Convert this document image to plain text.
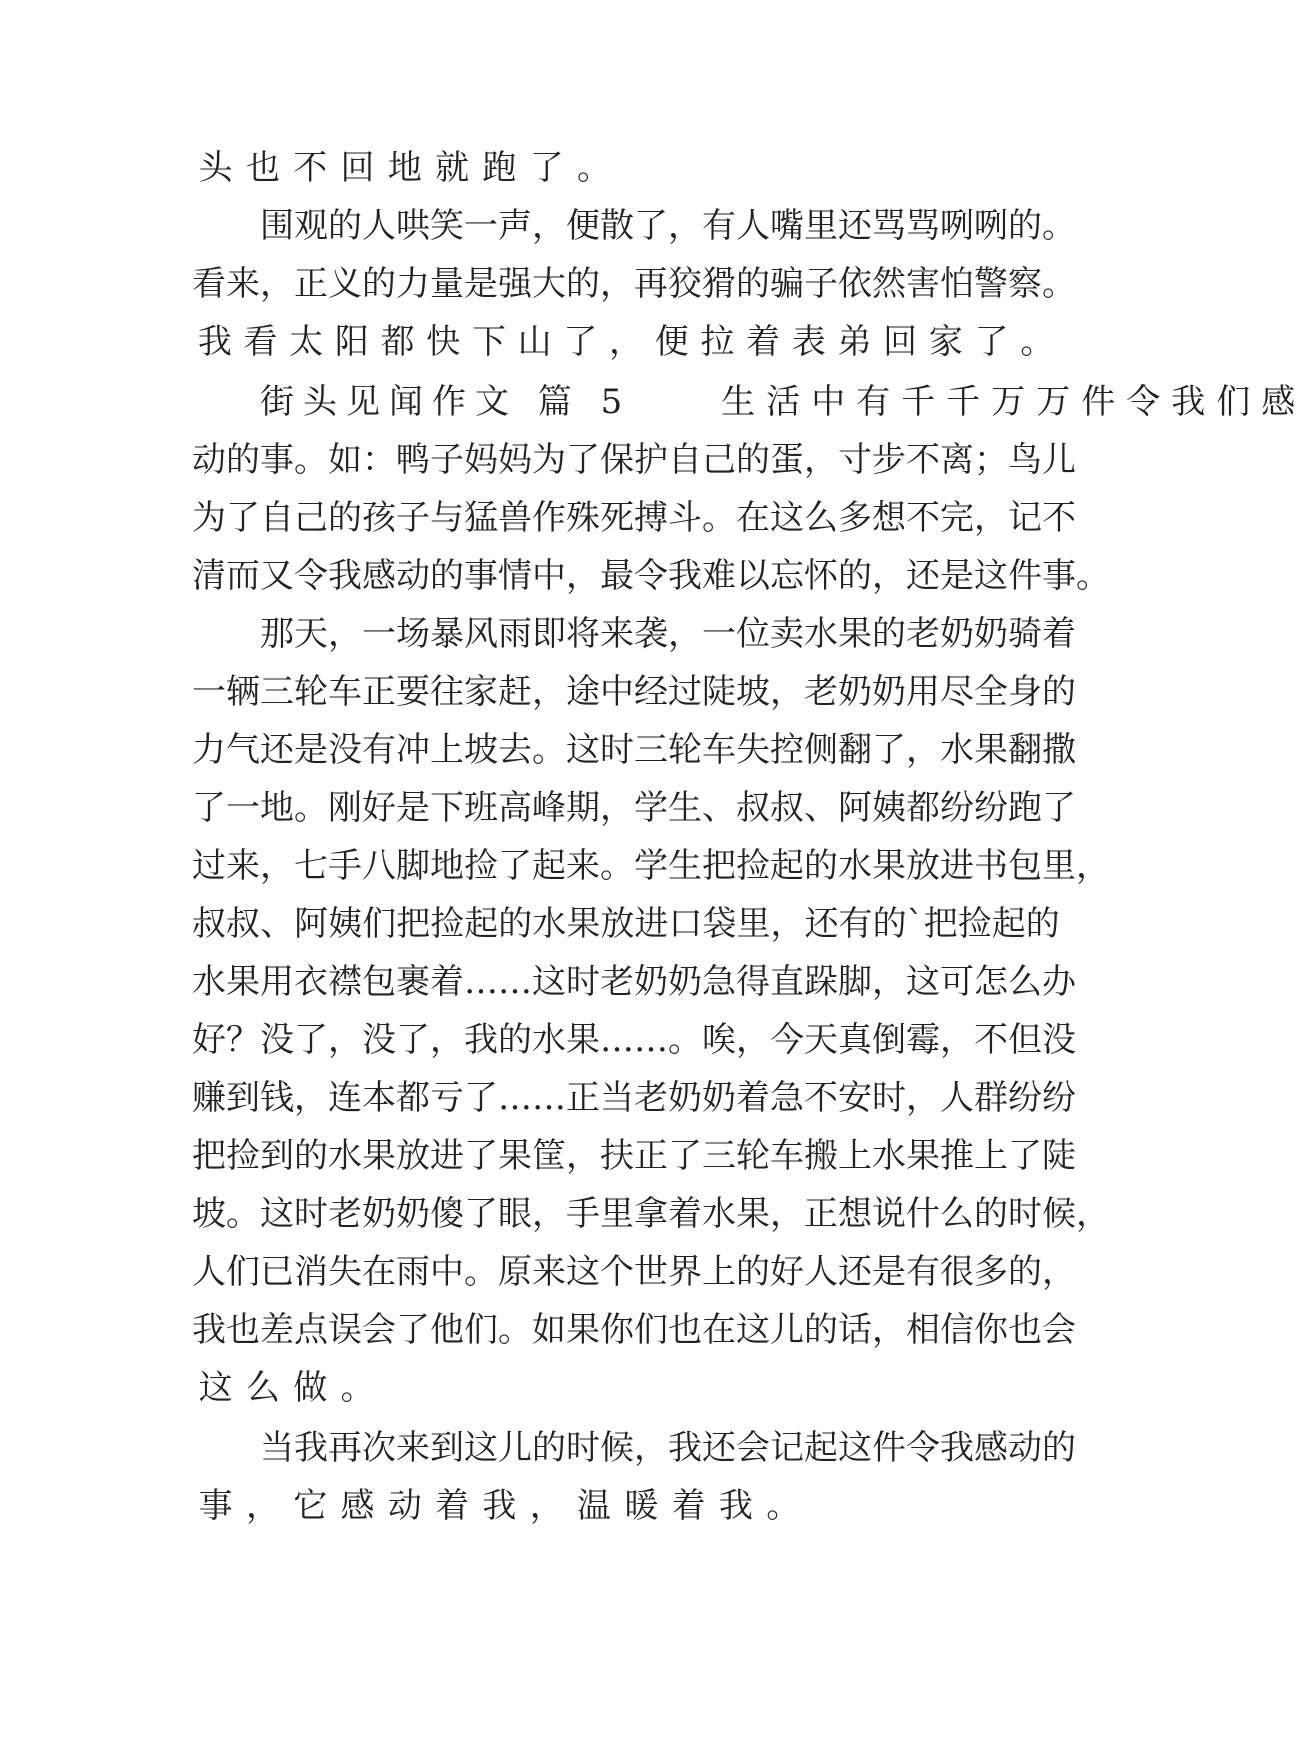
头 也 不 回 地 就 跑 了 。
围 观 的 人 哄 笑 一 声 ， 便 散 了 ， 有 人 嘴 里 还 骂 骂 咧 咧 的 。
看 来 ， 正 义 的 力 量 是 强 大 的 ， 再 狡 猾 的 骗 子 依 然 害 怕 警 察 。
我 看 太 阳 都 快 下 山 了 ， 便 拉 着 表 弟 回 家 了 。
街头见闻作文 篇 5	生活中有千千万万件令我们感
动 的 事 。 如 ： 鸭 子 妈 妈 为 了 保 护 自 己 的 蛋 ， 寸 步 不 离 ； 鸟 儿
为 了 自 己 的 孩 子 与 猛 兽 作 殊 死 搏 斗 。 在 这 么 多 想 不 完 ， 记 不
清 而 又 令 我 感 动 的 事 情 中 ， 最 令 我 难 以 忘 怀 的 ， 还 是 这 件 事 。
那 天 ， 一 场 暴 风 雨 即 将 来 袭 ， 一 位 卖 水 果 的 老 奶 奶 骑 着
一 辆 三 轮 车 正 要 往 家 赶 ， 途 中 经 过 陡 坡 ， 老 奶 奶 用 尽 全 身 的
力 气 还 是 没 有 冲 上 坡 去 。 这 时 三 轮 车 失 控 侧 翻 了 ， 水 果 翻 撒
了 一 地 。 刚 好 是 下 班 高 峰 期 ， 学 生 、 叔 叔 、 阿 姨 都 纷 纷 跑 了
过 来 ， 七 手 八 脚 地 捡 了 起 来 。 学 生 把 捡 起 的 水 果 放 进 书 包 里 ，
叔 叔 、 阿 姨 们 把 捡 起 的 水 果 放 进 口 袋 里 ， 还 有 的 ` 把 捡 起 的
水 果 用 衣 襟 包 裹 着 … … 这 时 老 奶 奶 急 得 直 跺 脚 ， 这 可 怎 么 办
好 ？ 没 了 ， 没 了 ， 我 的 水 果 … … 。 唉 ， 今 天 真 倒 霉 ， 不 但 没
赚 到 钱 ， 连 本 都 亏 了 … … 正 当 老 奶 奶 着 急 不 安 时 ， 人 群 纷 纷
把 捡 到 的 水 果 放 进 了 果 筐 ， 扶 正 了 三 轮 车 搬 上 水 果 推 上 了 陡
坡 。 这 时 老 奶 奶 傻 了 眼 ， 手 里 拿 着 水 果 ， 正 想 说 什 么 的 时 候 ，
人 们 已 消 失 在 雨 中 。 原 来 这 个 世 界 上 的 好 人 还 是 有 很 多 的 ，
我 也 差 点 误 会 了 他 们 。 如 果 你 们 也 在 这 儿 的 话 ， 相 信 你 也 会
这 么 做 。
当 我 再 次 来 到 这 儿 的 时 候 ， 我 还 会 记 起 这 件 令 我 感 动 的
事 ， 它 感 动 着 我 ， 温 暖 着 我 。
